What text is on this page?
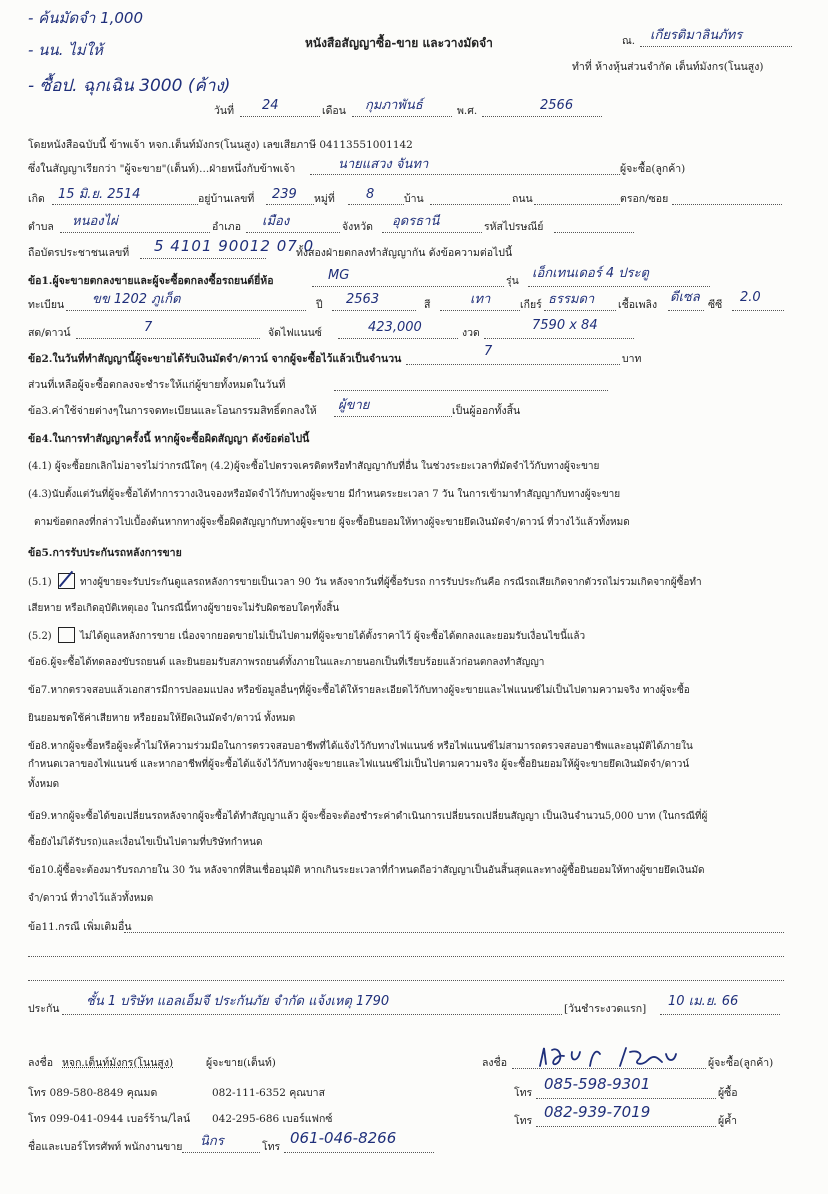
- ค้นมัดจำ 1,000
- นน. ไม่ให้
- ซื้อป. ฉุกเฉิน 3000 (ค้าง)
หนังสือสัญญาซื้อ-ขาย และวางมัดจำ	ณ. เกียรติมาลินภัทร
ทำที่ ห้างหุ้นส่วนจำกัด เต็นท์มังกร(โนนสูง)
วันที่ 24	เดือน กุมภาพันธ์	พ.ศ.	2566
โดยหนังสือฉบับนี้ ข้าพเจ้า หจก.เต็นท์มังกร(โนนสูง) เลขเสียภาษี 0411355100114​2
ซึ่งในสัญญาเรียกว่า "ผู้จะขาย"(เต็นท์)...ฝ่ายหนึ่งกับข้าพเจ้า	นายแสวง จันทา	ผู้จะซื้อ(ลูกค้า)
เกิด 15 มิ.ย. 2514	อยู่บ้านเลขที่ 239 หมู่ที่ 8	บ้าน	ถนน	ตรอก/ซอย
ตำบล หนองไผ่	อำเภอ เมือง	จังหวัด อุดรธานี	รหัสไปรษณีย์
ถือบัตรประชาชนเลขที่ 5 4101 90012 07 0
ทั้งสองฝ่ายตกลงทำสัญญากัน ดังข้อความต่อไปนี้
ข้อ1.ผู้จะขายตกลงขายและผู้จะซื้อตกลงซื้อรถยนต์ยี่ห้อ	MG	รุ่น เอ็กเทนเดอร์ 4 ประตู
ทะเบียน ขข 1202 ภูเก็ต	ปี 2563	สี	เทา	เกียร์ ธรรมดา เชื้อเพลิง ดีเซล ซีซี 2.0
สด/ดาวน์	7	จัดไฟแนนซ์	423,000	งวด	7590 x 84
ข้อ2.ในวันที่ทำสัญญานี้ผู้จะขายได้รับเงินมัดจำ/ดาวน์ จากผู้จะซื้อไว้แล้วเป็นจำนวน	7	บาท
ส่วนที่เหลือผู้จะซื้อตกลงจะชำระให้แก่ผู้ขายทั้งหมดในวันที่
ข้อ3.ค่าใช้จ่ายต่างๆในการจดทะเบียนและโอนกรรมสิทธิ์ตกลงให้ ผู้ขาย	เป็นผู้ออกทั้งสิ้น
ข้อ4.ในการทำสัญญาครั้งนี้ หากผู้จะซื้อผิดสัญญา ดังข้อต่อไปนี้
(4.1) ผู้จะซื้อยกเลิกไม่อาจรไม่ว่ากรณีใดๆ (4.2)ผู้จะซื้อไปตรวจเครดิตหรือทำสัญญากับที่อื่น ในช่วงระยะเวลาที่มัดจำไว้กับทางผู้จะขาย
(4.3)นับตั้งแต่วันที่ผู้จะซื้อได้ทำการวางเงินจองหรือมัดจำไว้กับทางผู้จะขาย มีกำหนดระยะเวลา 7 วัน ในการเข้ามาทำสัญญากับทางผู้จะขาย
ตามข้อตกลงที่กล่าวไปเบื้องต้นหากทางผู้จะซื้อผิดสัญญากับทางผู้จะขาย ผู้จะซื้อยินยอมให้ทางผู้จะขายยึดเงินมัดจำ/ดาวน์ ที่วางไว้แล้วทั้งหมด
ข้อ5.การรับประกันรถหลังการขาย
(5.1)	ทางผู้ขายจะรับประกันดูแลรถหลังการขายเป็นเวลา 90 วัน หลังจากวันที่ผู้ซื้อรับรถ การรับประกันคือ กรณีรถเสียเกิดจากตัวรถไม่รวมเกิดจากผู้ซื้อทำ
เสียหาย หรือเกิดอุบัติเหตุเอง ในกรณีนี้ทางผู้ขายจะไม่รับผิดชอบใดๆทั้งสิ้น
(5.2)	ไม่ได้ดูแลหลังการขาย เนื่องจากยอดขายไม่เป็นไปตามที่ผู้จะขายได้ตั้งราคาไว้ ผู้จะซื้อได้ตกลงและยอมรับเงื่อนไขนี้แล้ว
ข้อ6.ผู้จะซื้อได้ทดลองขับรถยนต์ และยินยอมรับสภาพรถยนต์ทั้งภายในและภายนอกเป็นที่เรียบร้อยแล้วก่อนตกลงทำสัญญา
ข้อ7.หากตรวจสอบแล้วเอกสารมีการปลอมแปลง หรือข้อมูลอื่นๆที่ผู้จะซื้อได้ให้รายละเอียดไว้กับทางผู้จะขายและไฟแนนซ์ไม่เป็นไปตามความจริง ทางผู้จะซื้อ
ยินยอมชดใช้ค่าเสียหาย หรือยอมให้ยึดเงินมัดจำ/ดาวน์ ทั้งหมด
ข้อ8.หากผู้จะซื้อหรือผู้จะค้ำไม่ให้ความร่วมมือในการตรวจสอบอาชีพที่ได้แจ้งไว้กับทางไฟแนนซ์ หรือไฟแนนซ์ไม่สามารถตรวจสอบอาชีพและอนุมัติได้ภายใน
กำหนดเวลาของไฟแนนซ์ และหากอาชีพที่ผู้จะซื้อได้แจ้งไว้กับทางผู้จะขายและไฟแนนซ์ไม่เป็นไปตามความจริง ผู้จะซื้อยินยอมให้ผู้จะขายยึดเงินมัดจำ/ดาวน์
ทั้งหมด
ข้อ9.หากผู้จะซื้อได้ขอเปลี่ยนรถหลังจากผู้จะซื้อได้ทำสัญญาแล้ว ผู้จะซื้อจะต้องชำระค่าดำเนินการเปลี่ยนรถเปลี่ยนสัญญา เป็นเงินจำนวน5,000 บาท (ในกรณีที่ผู้
ซื้อยังไม่ได้รับรถ)และเงื่อนไขเป็นไปตามที่บริษัทกำหนด
ข้อ10.ผู้ซื้อจะต้องมารับรถภายใน 30 วัน หลังจากที่สินเชื่ออนุมัติ หากเกินระยะเวลาที่กำหนดถือว่าสัญญาเป็นอันสิ้นสุดและทางผู้ซื้อยินยอมให้ทางผู้ขายยึดเงินมัด
จำ/ดาวน์ ที่วางไว้แล้วทั้งหมด
ข้อ11.กรณี เพิ่มเติมอื่น
ประกัน ชั้น 1 บริษัท แอลเอ็มจี ประกันภัย จำกัด แจ้งเหตุ 1790	[วันชำระงวดแรก] 10 เม.ย. 66
ลงชื่อ หจก.เต็นท์มังกร(โนนสูง)	ผู้จะขาย(เต็นท์)	ลงชื่อ	ผู้จะซื้อ(ลูกค้า)
โทร 089-580-8849 คุณมด	082-111-6352 คุณบาส
โทร 099-041-0944 เบอร์ร้าน/ไลน์ 042-295-686 เบอร์แฟกซ์
โทร 085-598-9301	ผู้ซื้อ
โทร 082-939-7019	ผู้ค้ำ
ชื่อและเบอร์โทรศัพท์ พนักงานขาย นิกร	โทร 061-046-8266
